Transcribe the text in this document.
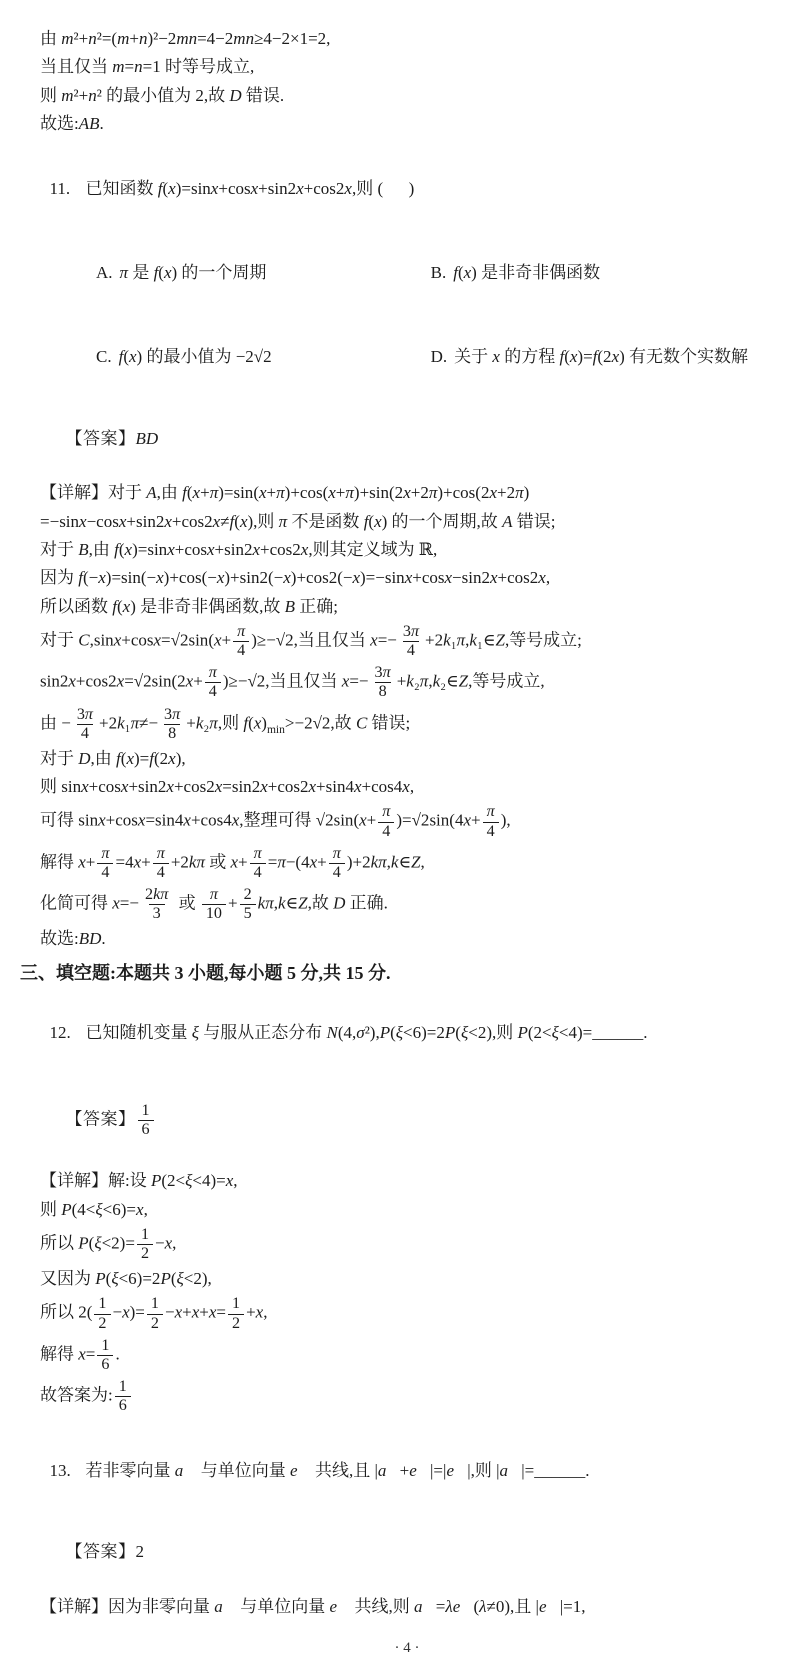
由 m²+n²=(m+n)²−2mn=4−2mn≥4−2×1=2,
当且仅当 m=n=1 时等号成立,
则 m²+n² 的最小值为 2,故 D 错误.
故选:AB.

11. 已知函数 f(x)=sinx+cosx+sin2x+cos2x,则 (      )

A. π 是 f(x) 的一个周期
	B. f(x) 是非奇非偶函数

C. f(x) 的最小值为 −2√2
	D. 关于 x 的方程 f(x)=f(2x) 有无数个实数解

【答案】BD

【详解】对于 A,由 f(x+π)=sin(x+π)+cos(x+π)+sin(2x+2π)+cos(2x+2π)
=−sinx−cosx+sin2x+cos2x≠f(x),则 π 不是函数 f(x) 的一个周期,故 A 错误;
对于 B,由 f(x)=sinx+cosx+sin2x+cos2x,则其定义域为 ℝ,
因为 f(−x)=sin(−x)+cos(−x)+sin2(−x)+cos2(−x)=−sinx+cosx−sin2x+cos2x,
所以函数 f(x) 是非奇非偶函数,故 B 正确;
对于 $C,\sin x+\cos x=√2\sin(x+ \frac{\pi}{4} )\ge-√2$,当且仅当 $x=- \frac{3\pi}{4}$ +2k₁π,k₁∈Z,等号成立;
$\sin 2x+\cos 2x=√2\sin(2x+ \frac{\pi}{4} )\ge-√2$,当且仅当 $x=- \frac{3\pi}{8}$ +k₂π,k₂∈Z,等号成立,
由 − $\frac{3\pi}{4} +2k_1\pi\ne- \frac{3\pi}{8} +k_2\pi$,则 $f(x)_{min}>-2√2$,故 C 错误;
对于 D,由 f(x)=f(2x),
则 sinx+cosx+sin2x+cos2x=sin2x+cos2x+sin4x+cos4x,
可得 sinx+cosx=sin4x+cos4x,整理可得 $√2\sin(x+ \frac{\pi}{4} )=√2\sin(4x+ \frac{\pi}{4}$ ),
解得 $x+ \frac{\pi}{4} =4x+ \frac{\pi}{4} +2k\pi$ 或 $x+ \frac{\pi}{4} =\pi-(4x+ \frac{\pi}{4}$ )+2kπ,k∈Z,
化简可得 $x=- \frac{2k\pi}{3}$ 或 $\frac{\pi}{10} + \frac{2}{5}$ kπ,k∈Z,故 D 正确.
故选:BD.
三、填空题:本题共 3 小题,每小题 5 分,共 15 分.

12. 已知随机变量 ξ 与服从正态分布 N(4,σ²),P(ξ<6)=2P(ξ<2),则 P(2<ξ<4)=______.

【答案】 $\frac{1}{6}$

【详解】解:设 P(2<ξ<4)=x,
则 P(4<ξ<6)=x,
所以 $P(\xi<2)= \frac{1}{2} -x$,
又因为 P(ξ<6)=2P(ξ<2),
所以 $2( \frac{1}{2} -x)= \frac{1}{2} -x+x+x= \frac{1}{2} +x$,
解得 $x= \frac{1}{6}$ .
故答案为: $\frac{1}{6}$

13. 若非零向量 a⃗ 与单位向量 e⃗ 共线,且 |a⃗+e⃗|=|e⃗|,则 |a⃗|=______.

【答案】2

【详解】因为非零向量 a⃗ 与单位向量 e⃗ 共线,则 a⃗=λe⃗(λ≠0),且 |e⃗|=1,
· 4 ·
